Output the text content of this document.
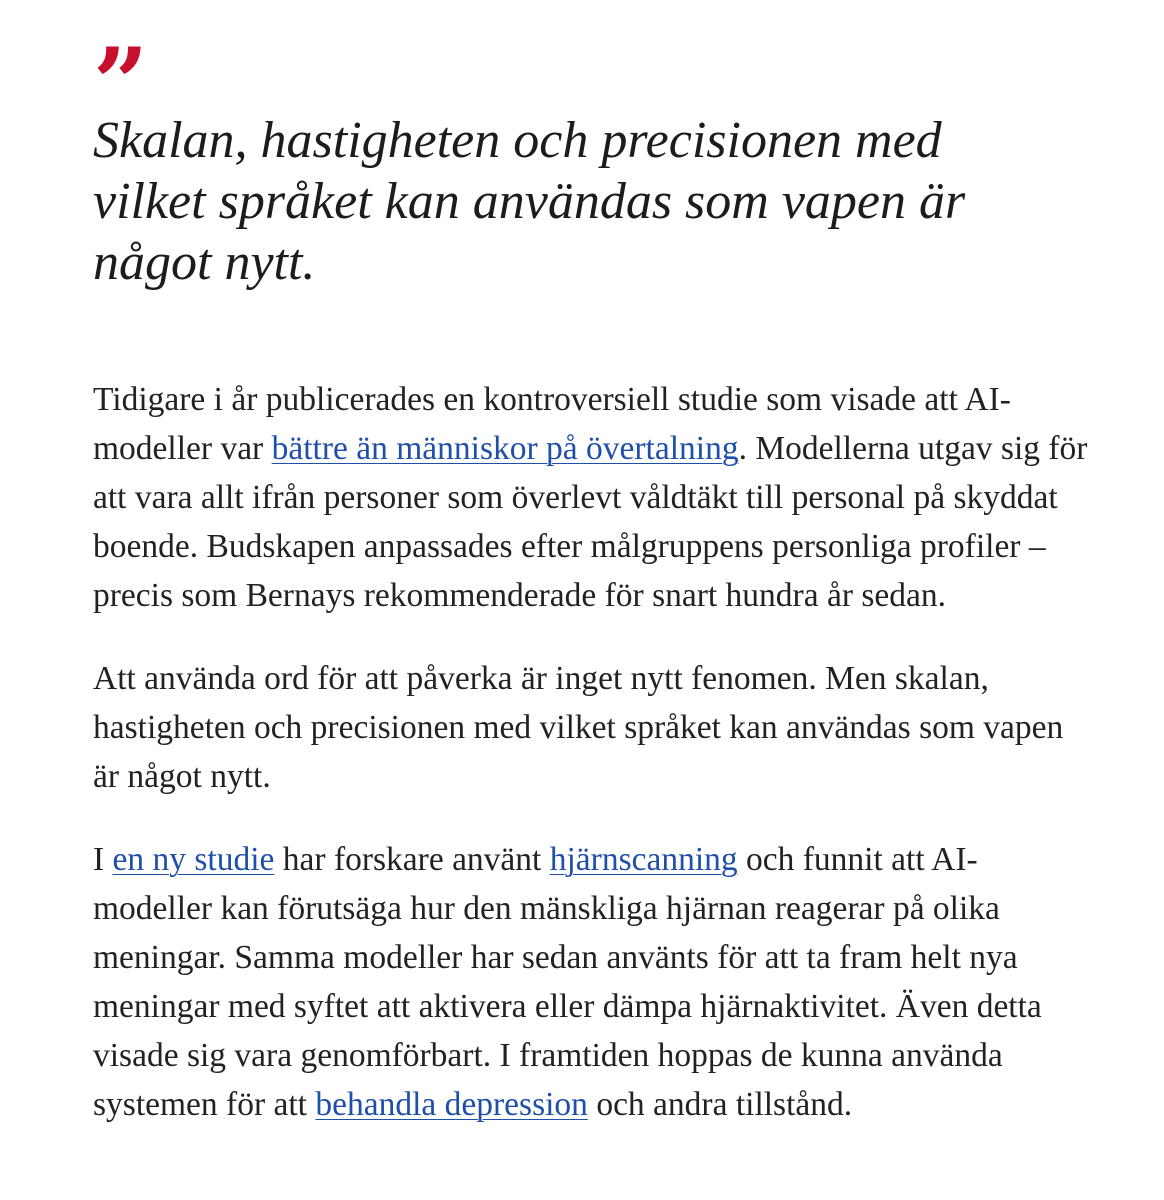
”

Skalan, hastigheten och precisionen med vilket språket kan användas som vapen är något nytt.

Tidigare i år publicerades en kontroversiell studie som visade att AI-modeller var bättre än människor på övertalning. Modellerna utgav sig för att vara allt ifrån personer som överlevt våldtäkt till personal på skyddat boende. Budskapen anpassades efter målgruppens personliga profiler – precis som Bernays rekommenderade för snart hundra år sedan.

Att använda ord för att påverka är inget nytt fenomen. Men skalan, hastigheten och precisionen med vilket språket kan användas som vapen är något nytt.

I en ny studie har forskare använt hjärnscanning och funnit att AI-modeller kan förutsäga hur den mänskliga hjärnan reagerar på olika meningar. Samma modeller har sedan använts för att ta fram helt nya meningar med syftet att aktivera eller dämpa hjärnaktivitet. Även detta visade sig vara genomförbart. I framtiden hoppas de kunna använda systemen för att behandla depression och andra tillstånd.
